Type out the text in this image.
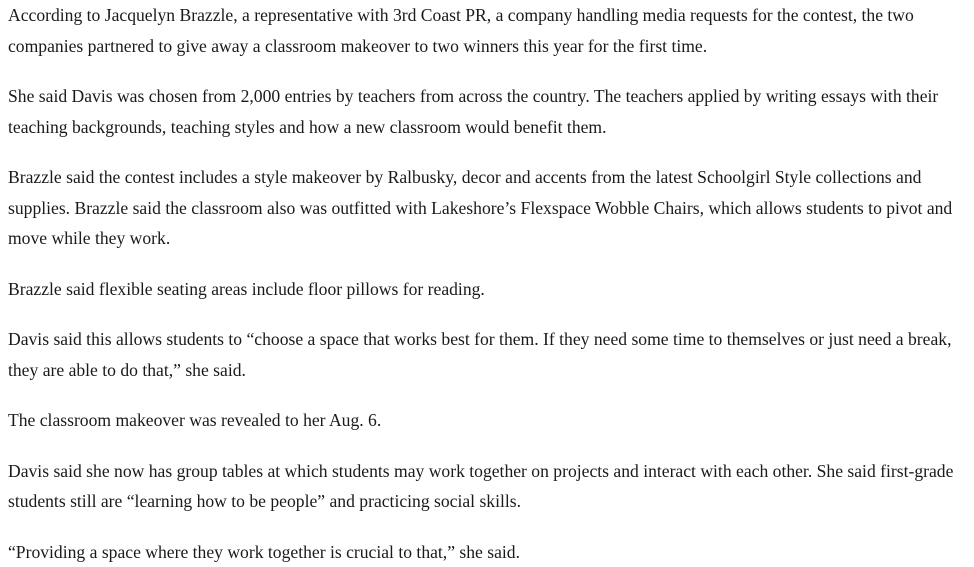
According to Jacquelyn Brazzle, a representative with 3rd Coast PR, a company handling media requests for the contest, the two companies partnered to give away a classroom makeover to two winners this year for the first time.

She said Davis was chosen from 2,000 entries by teachers from across the country. The teachers applied by writing essays with their teaching backgrounds, teaching styles and how a new classroom would benefit them.

Brazzle said the contest includes a style makeover by Ralbusky, decor and accents from the latest Schoolgirl Style collections and supplies. Brazzle said the classroom also was outfitted with Lakeshore’s Flexspace Wobble Chairs, which allows students to pivot and move while they work.

Brazzle said flexible seating areas include floor pillows for reading.

Davis said this allows students to “choose a space that works best for them. If they need some time to themselves or just need a break, they are able to do that,” she said.

The classroom makeover was revealed to her Aug. 6.

Davis said she now has group tables at which students may work together on projects and interact with each other. She said first-grade students still are “learning how to be people” and practicing social skills.

“Providing a space where they work together is crucial to that,” she said.
